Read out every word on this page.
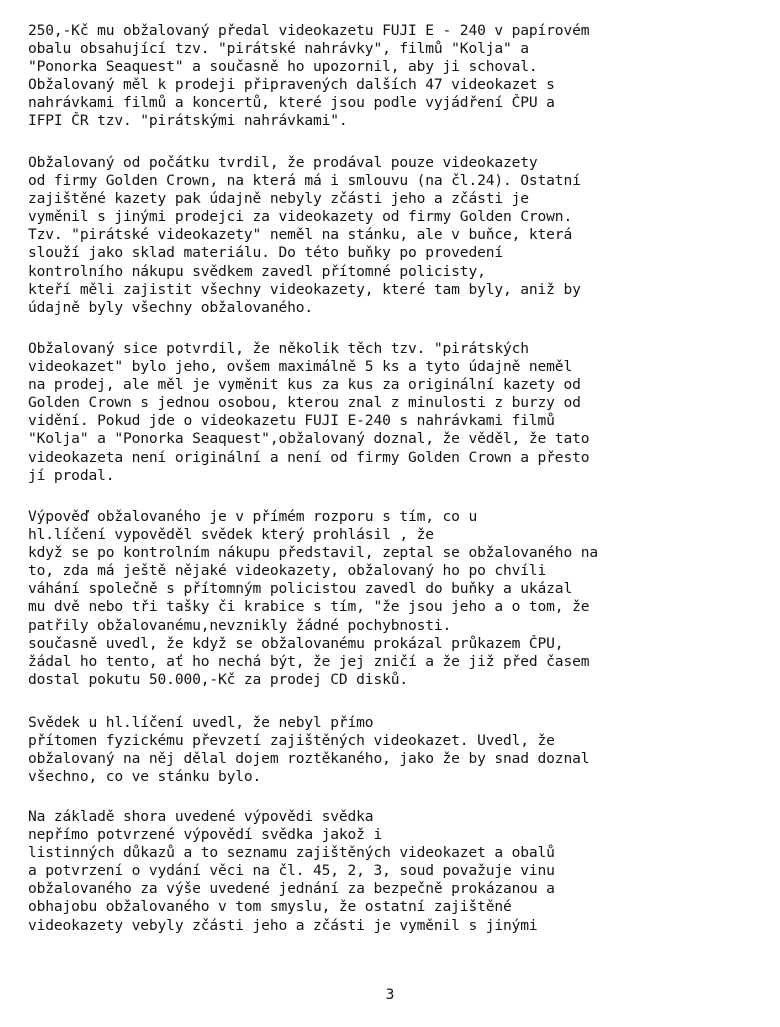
250,-Kč mu obžalovaný předal videokazetu FUJI E - 240 v papírovém
obalu obsahující tzv. "pirátské nahrávky", filmů "Kolja" a
"Ponorka Seaquest" a současně ho upozornil, aby ji schoval.
Obžalovaný měl k prodeji připravených dalších 47 videokazet s
nahrávkami filmů a koncertů, které jsou podle vyjádření ČPU a
IFPI ČR tzv. "pirátskými nahrávkami".
Obžalovaný od počátku tvrdil, že prodával pouze videokazety
od firmy Golden Crown, na která má i smlouvu (na čl.24). Ostatní
zajištěné kazety pak údajně nebyly zčásti jeho a zčásti je
vyměnil s jinými prodejci za videokazety od firmy Golden Crown.
Tzv. "pirátské videokazety" neměl na stánku, ale v buňce, která
slouží jako sklad materiálu. Do této buňky po provedení
kontrolního nákupu svědkem zavedl přítomné policisty,
kteří měli zajistit všechny videokazety, které tam byly, aniž by
údajně byly všechny obžalovaného.
Obžalovaný sice potvrdil, že několik těch tzv. "pirátských
videokazet" bylo jeho, ovšem maximálně 5 ks a tyto údajně neměl
na prodej, ale měl je vyměnit kus za kus za originální kazety od
Golden Crown s jednou osobou, kterou znal z minulosti z burzy od
vidění. Pokud jde o videokazetu FUJI E-240 s nahrávkami filmů
"Kolja" a "Ponorka Seaquest",obžalovaný doznal, že věděl, že tato
videokazeta není originální a není od firmy Golden Crown a přesto
jí prodal.
Výpověď obžalovaného je v přímém rozporu s tím, co u
hl.líčení vypověděl svědek který prohlásil , že
když se po kontrolním nákupu představil, zeptal se obžalovaného na
to, zda má ještě nějaké videokazety, obžalovaný ho po chvíli
váhání společně s přítomným policistou zavedl do buňky a ukázal
mu dvě nebo tři tašky či krabice s tím, "že jsou jeho a o tom, že
patřily obžalovanému,nevznikly žádné pochybnosti.
současně uvedl, že když se obžalovanému prokázal průkazem ČPU,
žádal ho tento, ať ho nechá být, že jej zničí a že již před časem
dostal pokutu 50.000,-Kč za prodej CD disků.
Svědek u hl.líčení uvedl, že nebyl přímo
přítomen fyzickému převzetí zajištěných videokazet. Uvedl, že
obžalovaný na něj dělal dojem roztěkaného, jako že by snad doznal
všechno, co ve stánku bylo.
Na základě shora uvedené výpovědi svědka
nepřímo potvrzené výpovědí svědka jakož i
listinných důkazů a to seznamu zajištěných videokazet a obalů
a potvrzení o vydání věci na čl. 45, 2, 3, soud považuje vinu
obžalovaného za výše uvedené jednání za bezpečně prokázanou a
obhajobu obžalovaného v tom smyslu, že ostatní zajištěné
videokazety vebyly zčásti jeho a zčásti je vyměnil s jinými
3
